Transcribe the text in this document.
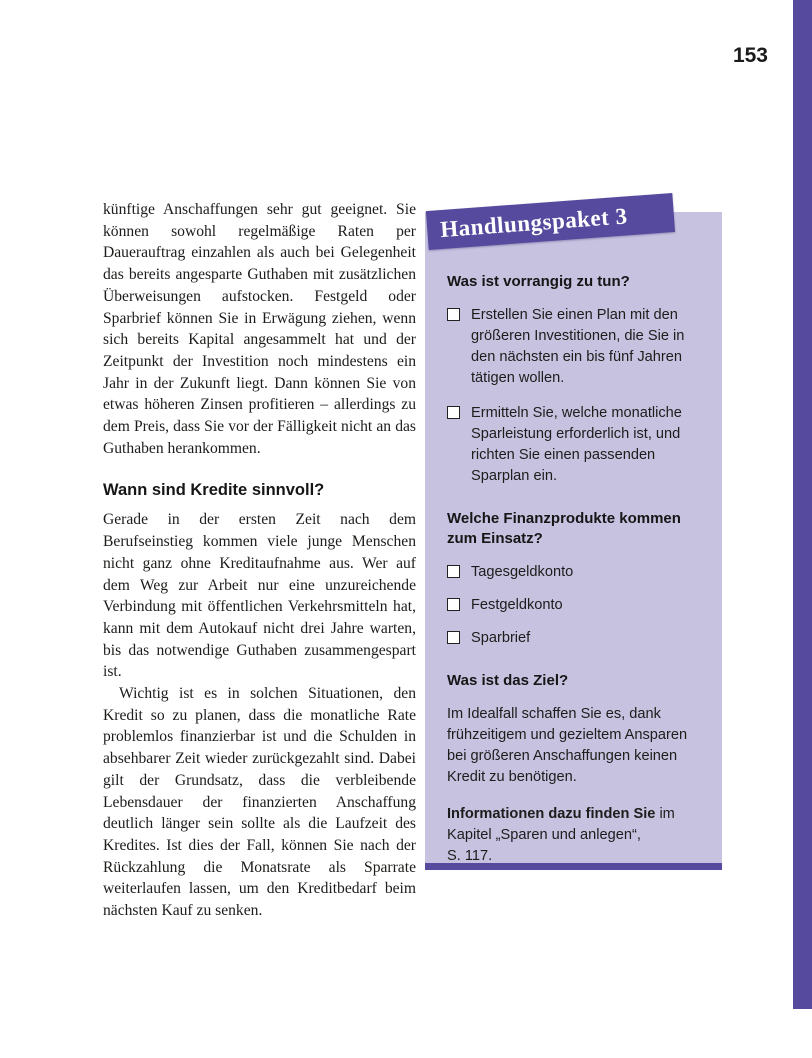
153

künftige Anschaffungen sehr gut geeignet. Sie können sowohl regelmäßige Raten per Dauerauftrag einzahlen als auch bei Gelegenheit das bereits angesparte Guthaben mit zusätzlichen Überweisungen aufstocken. Festgeld oder Sparbrief können Sie in Erwägung ziehen, wenn sich bereits Kapital angesammelt hat und der Zeitpunkt der Investition noch mindestens ein Jahr in der Zukunft liegt. Dann können Sie von etwas höheren Zinsen profitieren – allerdings zu dem Preis, dass Sie vor der Fälligkeit nicht an das Guthaben herankommen.

Wann sind Kredite sinnvoll?

Gerade in der ersten Zeit nach dem Berufseinstieg kommen viele junge Menschen nicht ganz ohne Kreditaufnahme aus. Wer auf dem Weg zur Arbeit nur eine unzureichende Verbindung mit öffentlichen Verkehrsmitteln hat, kann mit dem Autokauf nicht drei Jahre warten, bis das notwendige Guthaben zusammengespart ist.

Wichtig ist es in solchen Situationen, den Kredit so zu planen, dass die monatliche Rate problemlos finanzierbar ist und die Schulden in absehbarer Zeit wieder zurückgezahlt sind. Dabei gilt der Grundsatz, dass die verbleibende Lebensdauer der finanzierten Anschaffung deutlich länger sein sollte als die Laufzeit des Kredites. Ist dies der Fall, können Sie nach der Rückzahlung die Monatsrate als Sparrate weiterlaufen lassen, um den Kreditbedarf beim nächsten Kauf zu senken.

Handlungspaket 3
Was ist vorrangig zu tun?
Erstellen Sie einen Plan mit den größeren Investitionen, die Sie in den nächsten ein bis fünf Jahren tätigen wollen.
Ermitteln Sie, welche monatliche Sparleistung erforderlich ist, und richten Sie einen passenden Sparplan ein.
Welche Finanzprodukte kommen zum Einsatz?
Tagesgeldkonto
Festgeldkonto
Sparbrief
Was ist das Ziel?
Im Idealfall schaffen Sie es, dank frühzeitigem und gezieltem Ansparen bei größeren Anschaffungen keinen Kredit zu benötigen.
Informationen dazu finden Sie im Kapitel „Sparen und anlegen“,
S. 117.
